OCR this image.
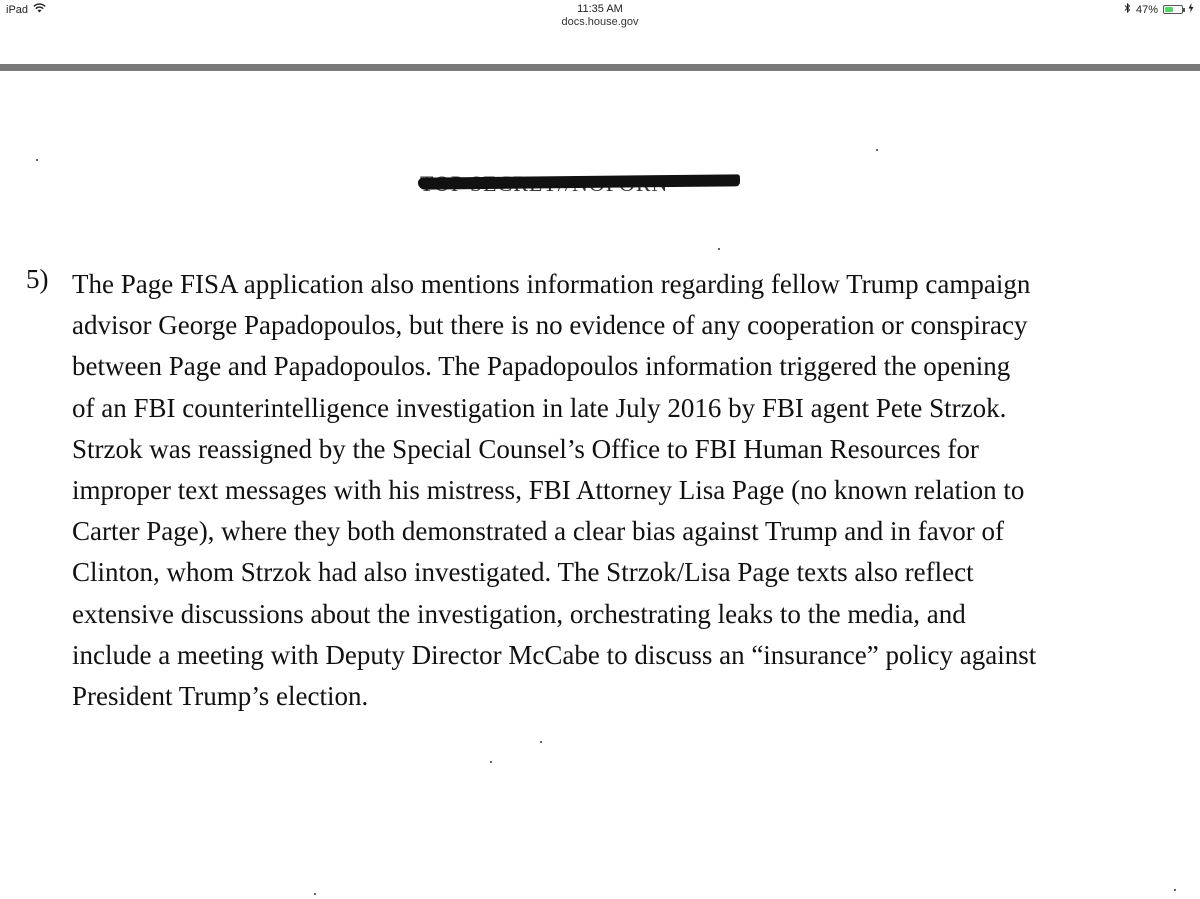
iPad	11:35 AM
docs.house.gov
47%
5) The Page FISA application also mentions information regarding fellow Trump campaign
advisor George Papadopoulos, but there is no evidence of any cooperation or conspiracy
between Page and Papadopoulos. The Papadopoulos information triggered the opening
of an FBI counterintelligence investigation in late July 2016 by FBI agent Pete Strzok.
Strzok was reassigned by the Special Counsel’s Office to FBI Human Resources for
improper text messages with his mistress, FBI Attorney Lisa Page (no known relation to
Carter Page), where they both demonstrated a clear bias against Trump and in favor of
Clinton, whom Strzok had also investigated. The Strzok/Lisa Page texts also reflect
extensive discussions about the investigation, orchestrating leaks to the media, and
include a meeting with Deputy Director McCabe to discuss an “insurance” policy against
President Trump’s election.
